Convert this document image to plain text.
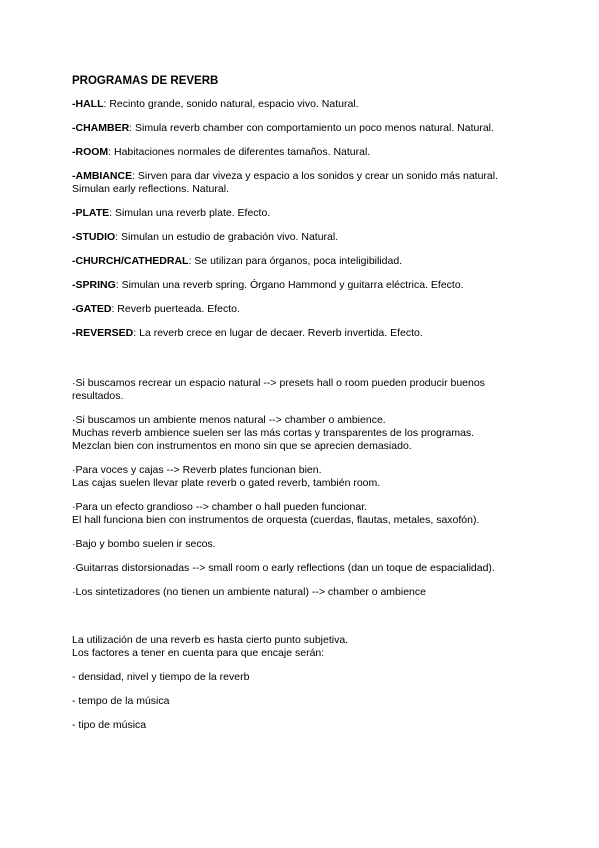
PROGRAMAS DE REVERB
-HALL: Recinto grande, sonido natural, espacio vivo. Natural.
-CHAMBER: Simula reverb chamber con comportamiento un poco menos natural. Natural.
-ROOM: Habitaciones normales de diferentes tamaños. Natural.
-AMBIANCE: Sirven para dar viveza y espacio a los sonidos y crear un sonido más natural.
Simulan early reflections. Natural.
-PLATE: Simulan una reverb plate. Efecto.
-STUDIO: Simulan un estudio de grabación vivo. Natural.
-CHURCH/CATHEDRAL: Se utilizan para órganos, poca inteligibilidad.
-SPRING: Simulan una reverb spring. Órgano Hammond y guitarra eléctrica. Efecto.
-GATED: Reverb puerteada. Efecto.
-REVERSED: La reverb crece en lugar de decaer. Reverb invertida. Efecto.
·Si buscamos recrear un espacio natural --> presets hall o room pueden producir buenos
resultados.
·Si buscamos un ambiente menos natural --> chamber o ambience.
Muchas reverb ambience suelen ser las más cortas y transparentes de los programas.
Mezclan bien con instrumentos en mono sin que se aprecien demasiado.
·Para voces y cajas --> Reverb plates funcionan bien.
Las cajas suelen llevar plate reverb o gated reverb, también room.
·Para un efecto grandioso --> chamber o hall pueden funcionar.
El hall funciona bien con instrumentos de orquesta (cuerdas, flautas, metales, saxofón).
·Bajo y bombo suelen ir secos.
·Guitarras distorsionadas --> small room o early reflections (dan un toque de espacialidad).
·Los sintetizadores (no tienen un ambiente natural) --> chamber o ambience
La utilización de una reverb es hasta cierto punto subjetiva.
Los factores a tener en cuenta para que encaje serán:
- densidad, nivel y tiempo de la reverb
- tempo de la música
- tipo de música
